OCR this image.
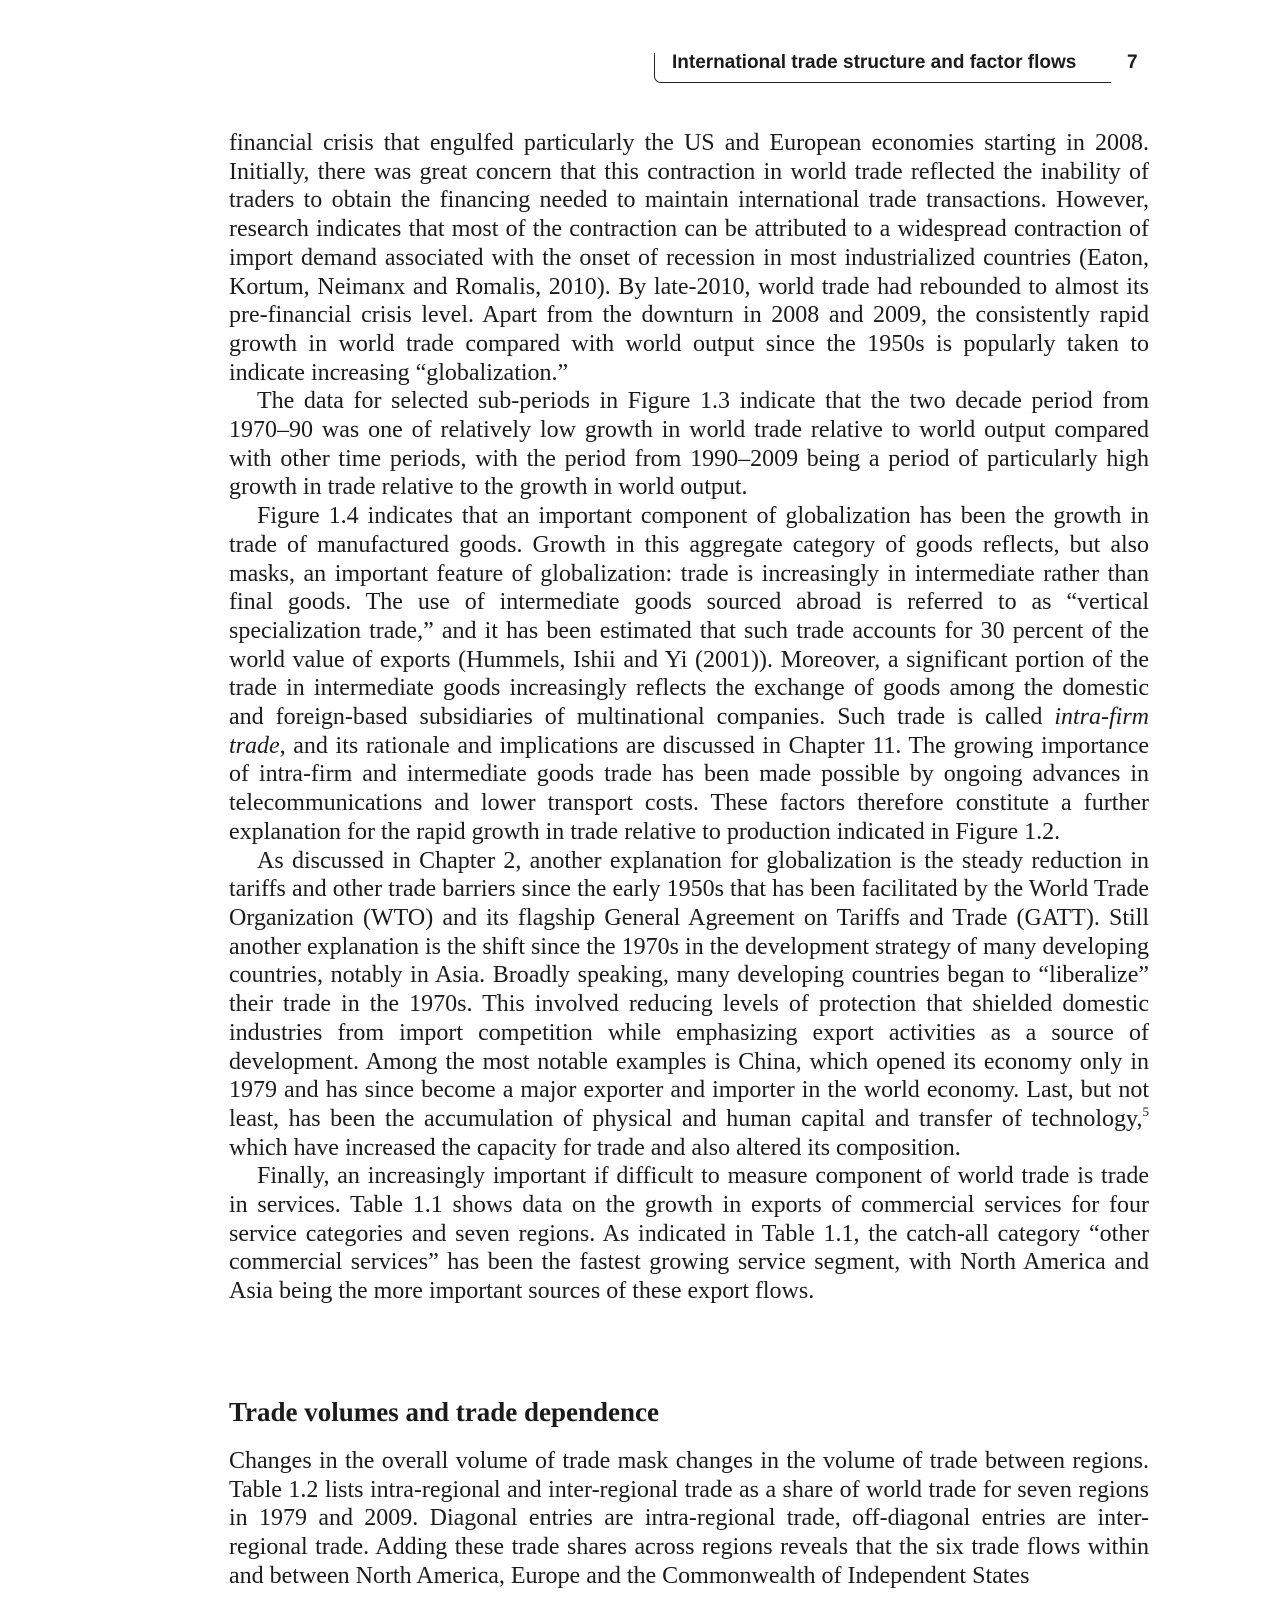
International trade structure and factor flows	7

financial crisis that engulfed particularly the US and European economies starting in 2008. Initially, there was great concern that this contraction in world trade reflected the inability of traders to obtain the financing needed to maintain international trade transactions. However, research indicates that most of the contraction can be attributed to a widespread contraction of import demand associated with the onset of recession in most industrialized countries (Eaton, Kortum, Neimanx and Romalis, 2010). By late-2010, world trade had rebounded to almost its pre-financial crisis level. Apart from the downturn in 2008 and 2009, the consistently rapid growth in world trade compared with world output since the 1950s is popularly taken to indicate increasing “globalization.”

The data for selected sub-periods in Figure 1.3 indicate that the two decade period from 1970–90 was one of relatively low growth in world trade relative to world output compared with other time periods, with the period from 1990–2009 being a period of particularly high growth in trade relative to the growth in world output.

Figure 1.4 indicates that an important component of globalization has been the growth in trade of manufactured goods. Growth in this aggregate category of goods reflects, but also masks, an important feature of globalization: trade is increasingly in intermediate rather than final goods. The use of intermediate goods sourced abroad is referred to as “vertical specialization trade,” and it has been estimated that such trade accounts for 30 percent of the world value of exports (Hummels, Ishii and Yi (2001)). Moreover, a significant portion of the trade in intermediate goods increasingly reflects the exchange of goods among the domestic and foreign-based subsidiaries of multinational companies. Such trade is called intra-firm trade, and its rationale and implications are discussed in Chapter 11. The growing importance of intra-firm and intermediate goods trade has been made possible by ongoing advances in telecommunications and lower transport costs. These factors therefore constitute a further explanation for the rapid growth in trade relative to production indicated in Figure 1.2.

As discussed in Chapter 2, another explanation for globalization is the steady reduction in tariffs and other trade barriers since the early 1950s that has been facilitated by the World Trade Organization (WTO) and its flagship General Agreement on Tariffs and Trade (GATT). Still another explanation is the shift since the 1970s in the development strategy of many developing countries, notably in Asia. Broadly speaking, many developing countries began to “liberalize” their trade in the 1970s. This involved reducing levels of protection that shielded domestic industries from import competition while emphasizing export activities as a source of development. Among the most notable examples is China, which opened its economy only in 1979 and has since become a major exporter and importer in the world economy. Last, but not least, has been the accumulation of physical and human capital and transfer of technology,$^5$ which have increased the capacity for trade and also altered its composition.

Finally, an increasingly important if difficult to measure component of world trade is trade in services. Table 1.1 shows data on the growth in exports of commercial services for four service categories and seven regions. As indicated in Table 1.1, the catch-all category “other commercial services” has been the fastest growing service segment, with North America and Asia being the more important sources of these export flows.

Trade volumes and trade dependence

Changes in the overall volume of trade mask changes in the volume of trade between regions. Table 1.2 lists intra-regional and inter-regional trade as a share of world trade for seven regions in 1979 and 2009. Diagonal entries are intra-regional trade, off-diagonal entries are inter-regional trade. Adding these trade shares across regions reveals that the six trade flows within and between North America, Europe and the Commonwealth of Independent States
